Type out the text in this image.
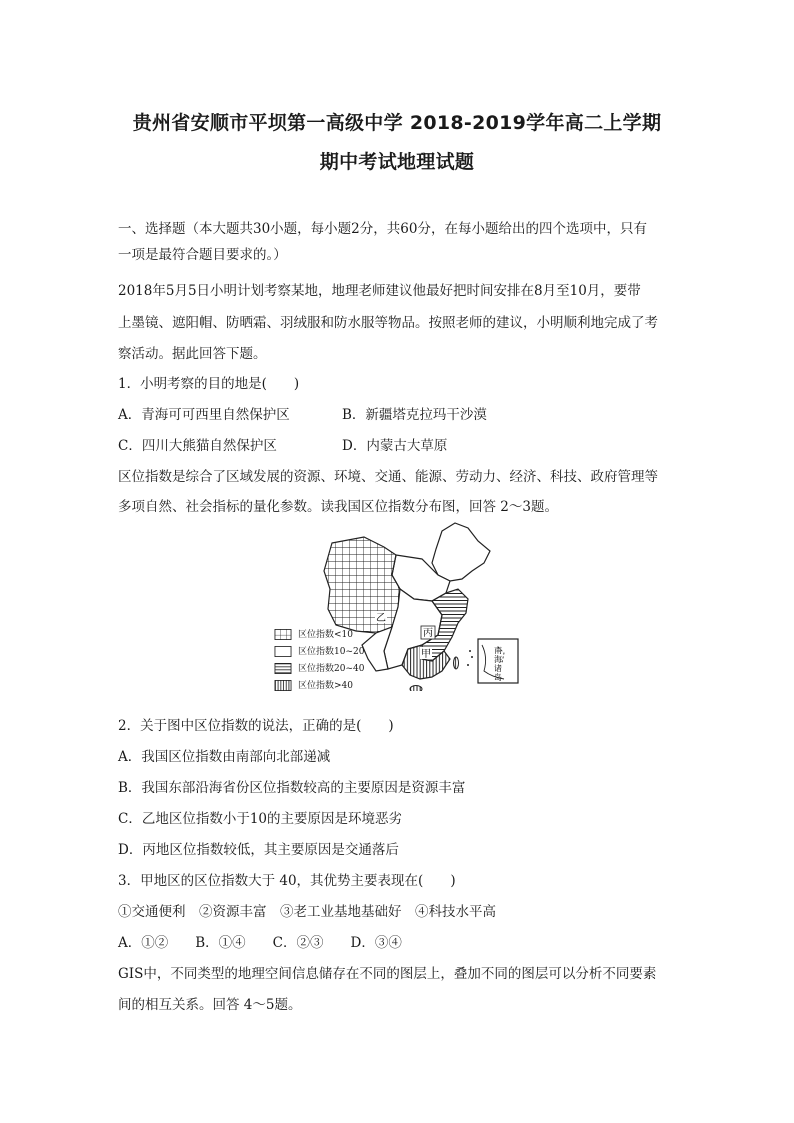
贵州省安顺市平坝第一高级中学 2018-2019学年高二上学期
期中考试地理试题
一、选择题（本大题共30小题，每小题2分，共60分，在每小题给出的四个选项中，只有
一项是最符合题目要求的。）
2018年5月5日小明计划考察某地，地理老师建议他最好把时间安排在8月至10月，要带
上墨镜、遮阳帽、防晒霜、羽绒服和防水服等物品。按照老师的建议，小明顺利地完成了考
察活动。据此回答下题。
1．小明考察的目的地是(　　)
A．青海可可西里自然保护区	B．新疆塔克拉玛干沙漠
C．四川大熊猫自然保护区	D．内蒙古大草原
区位指数是综合了区域发展的资源、环境、交通、能源、劳动力、经济、科技、政府管理等
多项自然、社会指标的量化参数。读我国区位指数分布图，回答 2～3题。
南
海
诸
岛
乙
丙
甲
区位指数<10
区位指数10~20
区位指数20~40
区位指数>40
2．关于图中区位指数的说法，正确的是(　　)
A．我国区位指数由南部向北部递减
B．我国东部沿海省份区位指数较高的主要原因是资源丰富
C．乙地区位指数小于10的主要原因是环境恶劣
D．丙地区位指数较低，其主要原因是交通落后
3．甲地区的区位指数大于 40，其优势主要表现在(　　)
①交通便利　②资源丰富　③老工业基地基础好　④科技水平高
A．①②　　B．①④　　C．②③　　D．③④
GIS中，不同类型的地理空间信息储存在不同的图层上，叠加不同的图层可以分析不同要素
间的相互关系。回答 4～5题。
